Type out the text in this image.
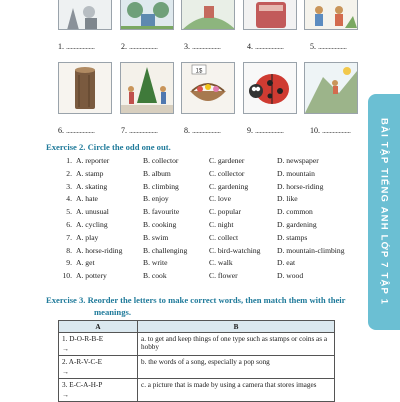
1. ...................	2. ...................	3. ...................	4. ...................	5. ...................
1$
6. ...................	7. ...................	8. ...................	9. ...................	10. ...................
Exercise 2. Circle the odd one out.
1.	A. reporter	B. collector	C. gardener	D. newspaper
2.	A. stamp	B. album	C. collector	D. mountain
3.	A. skating	B. climbing	C. gardening	D. horse-riding
4.	A. hate	B. enjoy	C. love	D. like
5.	A. unusual	B. favourite	C. popular	D. common
6.	A. cycling	B. cooking	C. night	D. gardening
7.	A. play	B. swim	C. collect	D. stamps
8.	A. horse-riding	B. challenging	C. bird-watching	D. mountain-climbing
9.	A. get	B. write	C. walk	D. eat
10.	A. pottery	B. cook	C. flower	D. wood
Exercise 3. Reorder the letters to make correct words, then match them with their
meanings.
A	B
1. D-O-R-B-E
→	a. to get and keep things of one type such as stamps or coins as a hobby
2. A-R-V-C-E
→	b. the words of a song, especially a pop song
3. E-C-A-H-P
→	c. a picture that is made by using a camera that stores images
BÀI TẬP TIẾNG ANH LỚP 7 TẬP 1
